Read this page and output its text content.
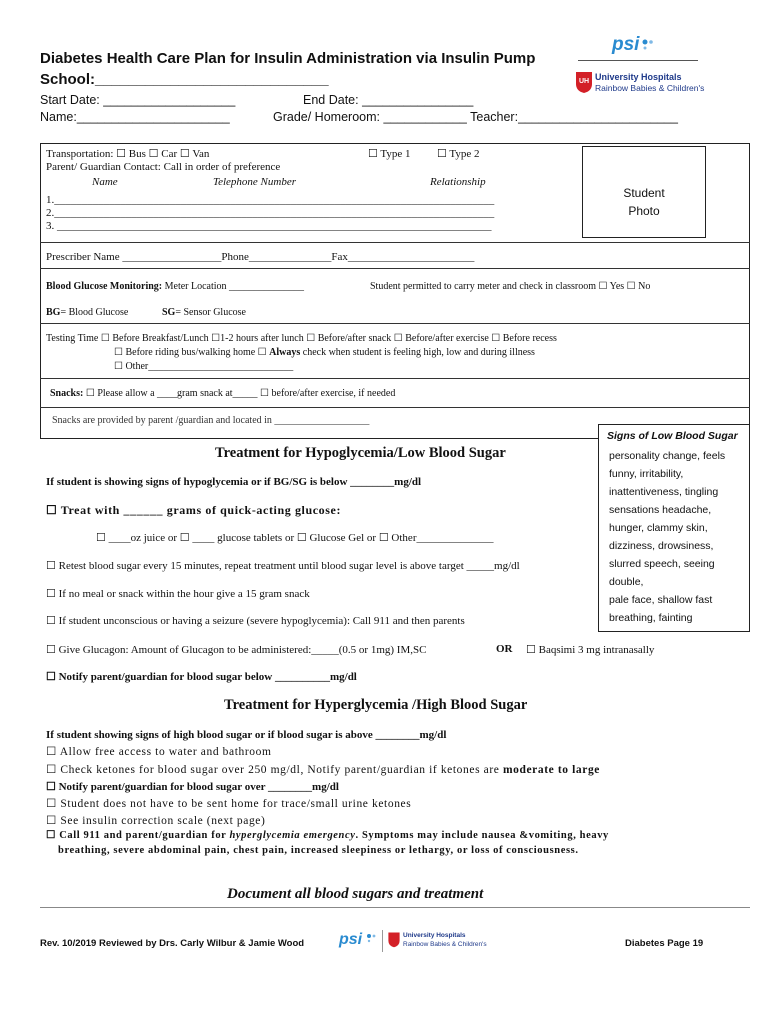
Diabetes Health Care Plan for Insulin Administration via Insulin Pump
School:____________________________
Start Date: ___________________	End Date: ________________
Name:______________________	Grade/ Homeroom: ____________ Teacher:_______________________
psi
UH University Hospitals
Rainbow Babies & Children's
Transportation: ☐ Bus ☐ Car ☐ Van	☐ Type 1 ☐ Type 2
Parent/ Guardian Contact: Call in order of preference
Name	Telephone Number	Relationship
1.________________________________________________________________________________
2.________________________________________________________________________________
3. _______________________________________________________________________________
Student
Photo
Prescriber Name __________________Phone_______________Fax_______________________
Blood Glucose Monitoring: Meter Location _______________	Student permitted to carry meter and check in classroom ☐ Yes ☐ No
BG= Blood Glucose	SG= Sensor Glucose
Testing Time ☐ Before Breakfast/Lunch ☐1-2 hours after lunch ☐ Before/after snack ☐ Before/after exercise ☐ Before recess
☐ Before riding bus/walking home ☐ Always check when student is feeling high, low and during illness
☐ Other_____________________________
Snacks: ☐ Please allow a ____gram snack at_____ ☐ before/after exercise, if needed
Snacks are provided by parent /guardian and located in ___________________
Signs of Low Blood Sugar
personality change, feels
funny, irritability,
inattentiveness, tingling
sensations headache,
hunger, clammy skin,
dizziness, drowsiness,
slurred speech, seeing
double,
pale face, shallow fast
breathing, fainting
Treatment for Hypoglycemia/Low Blood Sugar
If student is showing signs of hypoglycemia or if BG/SG is below ________mg/dl
☐ Treat with ______ grams of quick-acting glucose:
☐ ____oz juice or ☐ ____ glucose tablets or ☐ Glucose Gel or ☐ Other______________
☐ Retest blood sugar every 15 minutes, repeat treatment until blood sugar level is above target _____mg/dl
☐ If no meal or snack within the hour give a 15 gram snack
☐ If student unconscious or having a seizure (severe hypoglycemia): Call 911 and then parents
☐ Give Glucagon: Amount of Glucagon to be administered:_____(0.5 or 1mg) IM,SC	OR ☐ Baqsimi 3 mg intranasally
☐ Notify parent/guardian for blood sugar below __________mg/dl
Treatment for Hyperglycemia /High Blood Sugar
If student showing signs of high blood sugar or if blood sugar is above ________mg/dl
☐ Allow free access to water and bathroom
☐ Check ketones for blood sugar over 250 mg/dl, Notify parent/guardian if ketones are moderate to large
☐ Notify parent/guardian for blood sugar over ________mg/dl
☐ Student does not have to be sent home for trace/small urine ketones
☐ See insulin correction scale (next page)
☐ Call 911 and parent/guardian for hyperglycemia emergency. Symptoms may include nausea &vomiting, heavy
breathing, severe abdominal pain, chest pain, increased sleepiness or lethargy, or loss of consciousness.
Document all blood sugars and treatment
Rev. 10/2019 Reviewed by Drs. Carly Wilbur & Jamie Wood psi	University Hospitals
Rainbow Babies & Children's	Diabetes Page 19
